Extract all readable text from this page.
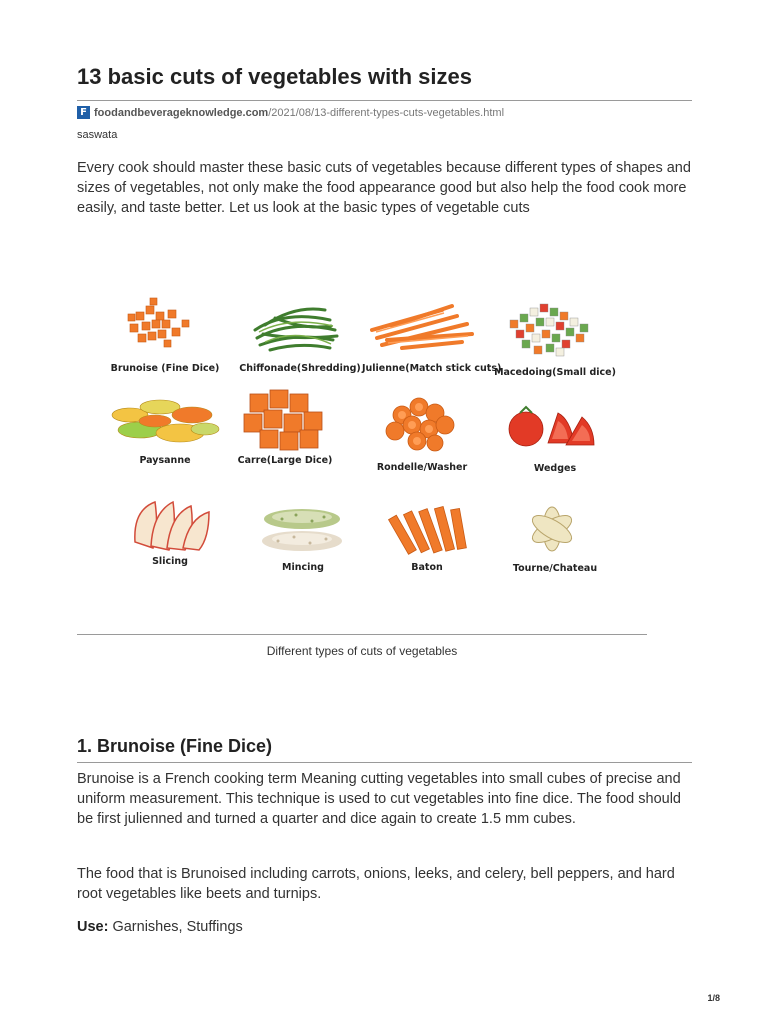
13 basic cuts of vegetables with sizes
F foodandbeverageknowledge.com /2021/08/13-different-types-cuts-vegetables.html
saswata

Every cook should master these basic cuts of vegetables because different types of shapes and sizes of vegetables, not only make the food appearance good but also help the food cook more easily, and taste better. Let us look at the basic types of vegetable cuts

Brunoise (Fine Dice)	Chiffonade(Shredding) Julienne(Match stick cuts)
Macedoing(Small dice)
Paysanne	Carre(Large Dice)
Rondelle/Washer	Wedges
Slicing
Mincing	Baton	Tourne/Chateau
Different types of cuts of vegetables
1. Brunoise (Fine Dice)

Brunoise is a French cooking term Meaning cutting vegetables into small cubes of precise and uniform measurement. This technique is used to cut vegetables into fine dice. The food should be first julienned and turned a quarter and dice again to create 1.5 mm cubes.

The food that is Brunoised including carrots, onions, leeks, and celery, bell peppers, and hard root vegetables like beets and turnips.

Use: Garnishes, Stuffings
1/8
